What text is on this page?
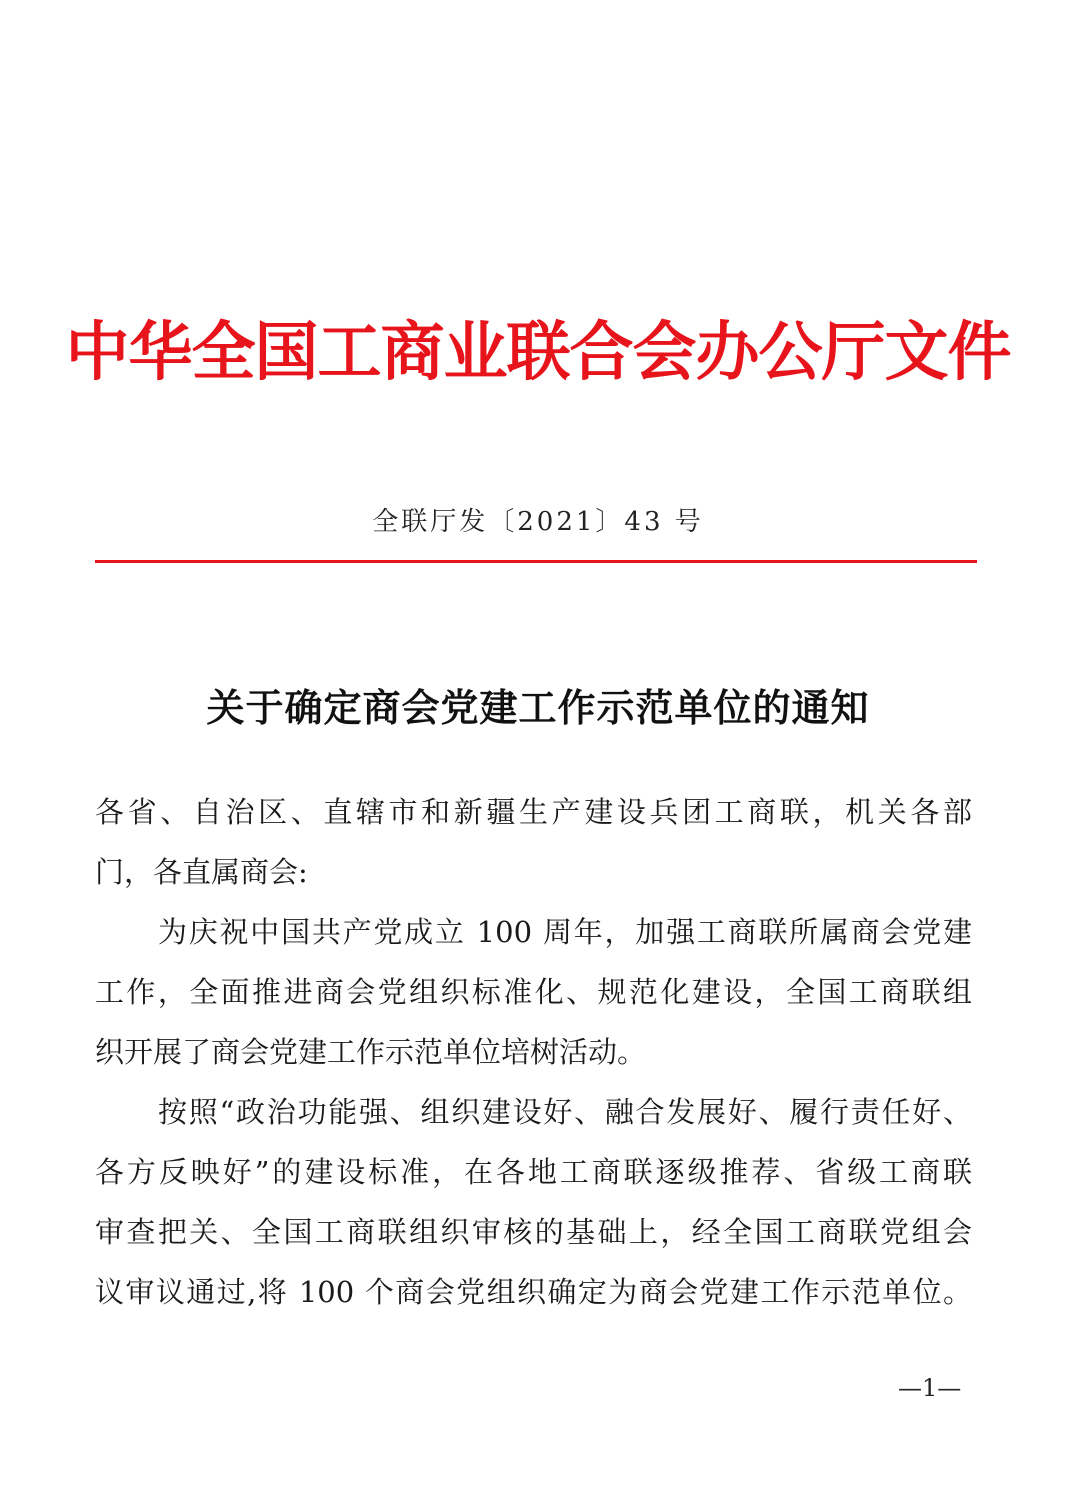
中华全国工商业联合会办公厅文件
全联厅发〔2021〕43 号
关于确定商会党建工作示范单位的通知
各省、自治区、直辖市和新疆生产建设兵团工商联，机关各部
门，各直属商会:
为庆祝中国共产党成立 100 周年，加强工商联所属商会党建
工作，全面推进商会党组织标准化、规范化建设，全国工商联组
织开展了商会党建工作示范单位培树活动。
按照“政治功能强、组织建设好、融合发展好、履行责任好、
各方反映好”的建设标准，在各地工商联逐级推荐、省级工商联
审查把关、全国工商联组织审核的基础上，经全国工商联党组会
议审议通过,将 100 个商会党组织确定为商会党建工作示范单位。
—1—
